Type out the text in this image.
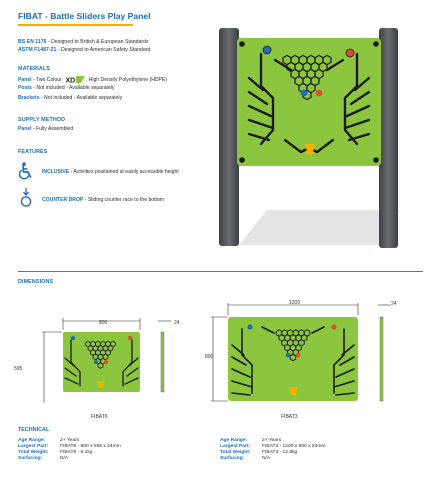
FIBAT - Battle Sliders Play Panel
BS EN 1176 - Designed to British & European Standards
ASTM F1487-21 - Designed to American Safety Standard
MATERIALS
Panel - Two Colour XD High Density Polyethylene (HDPE)
Posts - Not included - Available separately
Brackets - Not included - Available separately
SUPPLY METHOD
Panel - Fully Assembled
FEATURES
INCLUSIVE - Activities positioned at easily accessible height
COUNTER DROP - Sliding counter race to the bottom
DIMENSIONS
800
595
24
FIBAT6
1200
800
24
FIBAT3
TECHNICAL
Age Range:	2+ Years
Largest Part: FIBAT6 - 800 x 595 x 24mm
Total Weight: FIBAT6 - 6.1kg
Surfacing:	N/A
Age Range:	2+ Years
Largest Part: FIBAT3 - 1200 x 800 x 24mm
Total Weight: FIBAT3 - 12.8kg
Surfacing:	N/A
